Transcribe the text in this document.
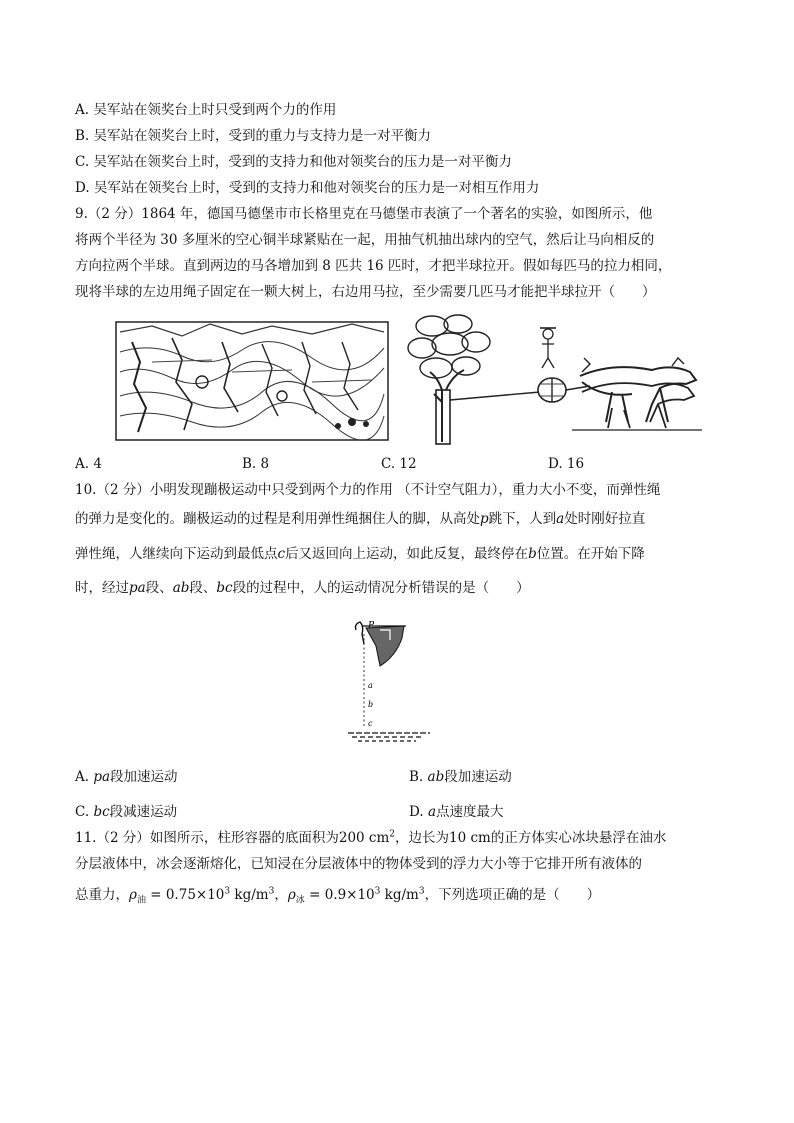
A. 吴军站在领奖台上时只受到两个力的作用
B. 吴军站在领奖台上时，受到的重力与支持力是一对平衡力
C. 吴军站在领奖台上时，受到的支持力和他对领奖台的压力是一对平衡力
D. 吴军站在领奖台上时，受到的支持力和他对领奖台的压力是一对相互作用力
9.（2 分）1864 年，德国马德堡市市长格里克在马德堡市表演了一个著名的实验，如图所示，他
将两个半径为 30 多厘米的空心铜半球紧贴在一起，用抽气机抽出球内的空气，然后让马向相反的
方向拉两个半球。直到两边的马各增加到 8 匹共 16 匹时，才把半球拉开。假如每匹马的拉力相同，
现将半球的左边用绳子固定在一颗大树上，右边用马拉，至少需要几匹马才能把半球拉开（　　）
A. 4	B. 8	C. 12	D. 16
10.（2 分）小明发现蹦极运动中只受到两个力的作用 （不计空气阻力），重力大小不变，而弹性绳
的弹力是变化的。蹦极运动的过程是利用弹性绳捆住人的脚，从高处p跳下，人到a处时刚好拉直
弹性绳，人继续向下运动到最低点c后又返回向上运动，如此反复，最终停在b位置。在开始下降
时，经过pa段、ab段、bc段的过程中，人的运动情况分析错误的是（　　）
P
a
b
c
A. pa段加速运动	B. ab段加速运动
C. bc段减速运动	D. a点速度最大
11.（2 分）如图所示，柱形容器的底面积为200 $cm^2$，边长为10 cm的正方体实心冰块悬浮在油水
分层液体中，冰会逐渐熔化，已知浸在分层液体中的物体受到的浮力大小等于它排开所有液体的
总重力，$\rho_油 = 0.75\times 10^3$ $kg/m^3$，$\rho_冰 = 0.9\times 10^3$ $kg/m^3$，下列选项正确的是（　　）
